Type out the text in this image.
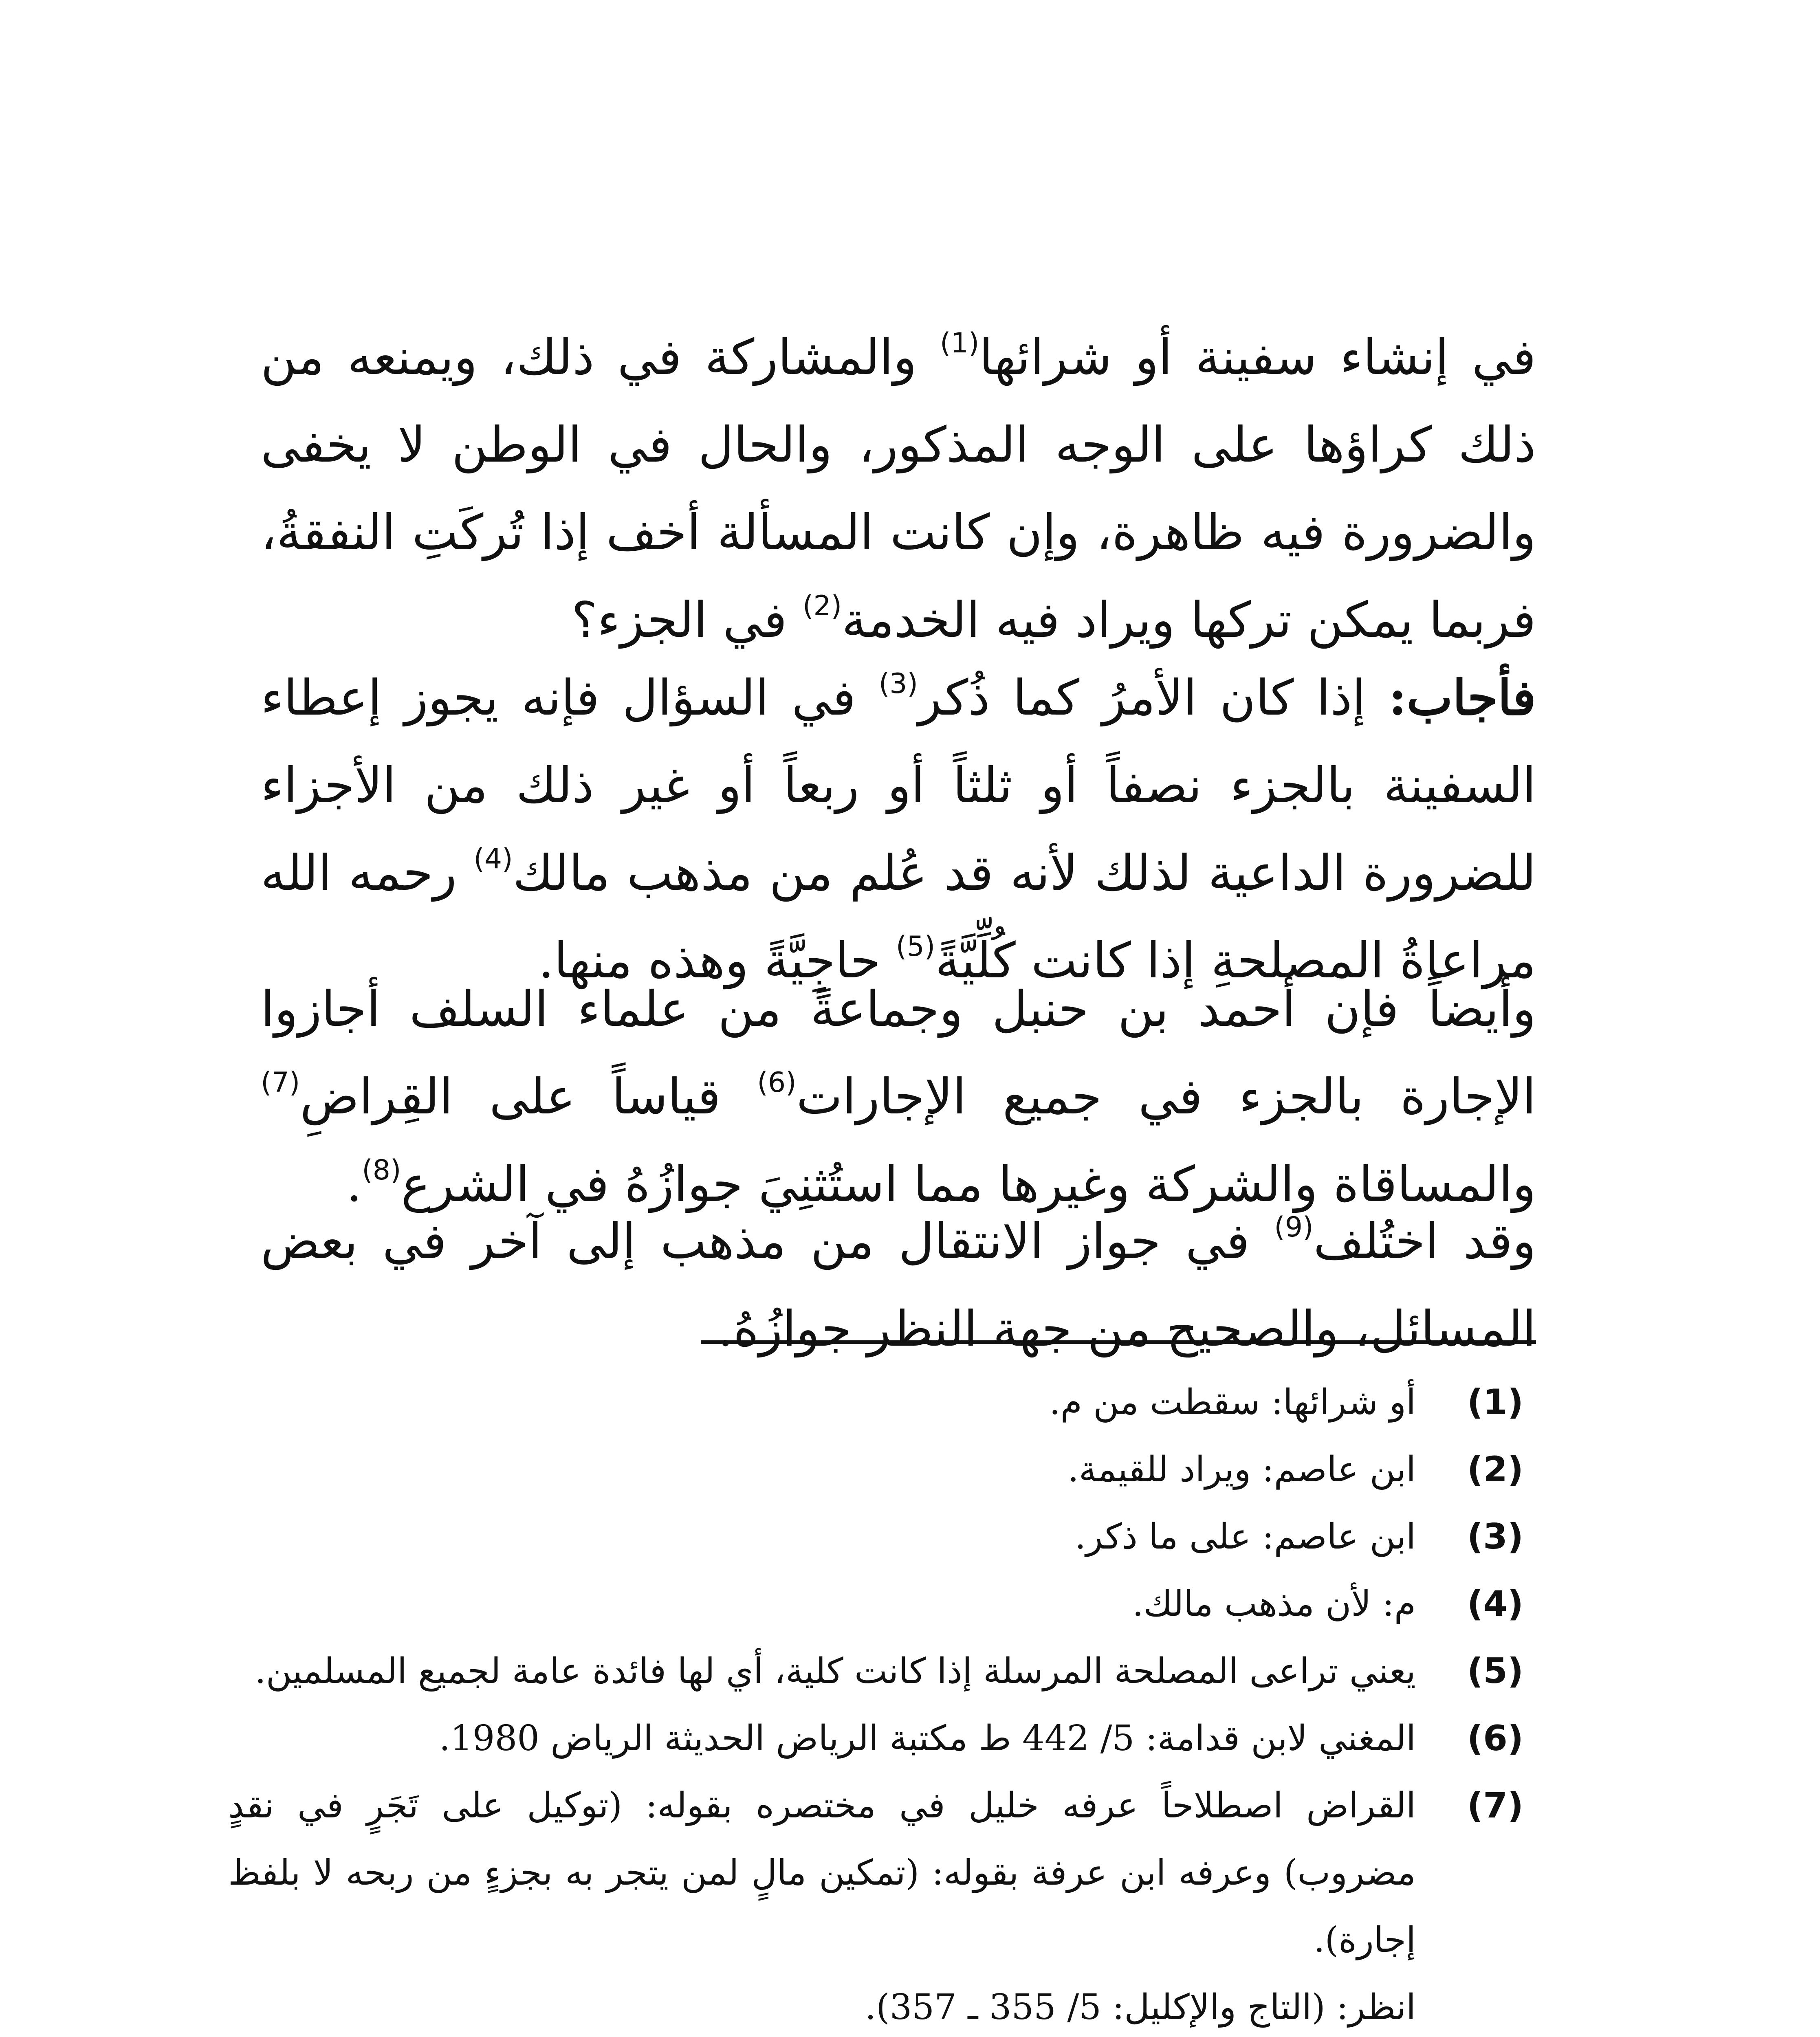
في إنشاء سفينة أو شرائها$^{(1)}$ والمشاركة في ذلك، ويمنعه من ذلك كراؤها على الوجه المذكور، والحال في الوطن لا يخفى والضرورة فيه ظاهرة، وإن كانت المسألة أخف إذا تُركَتِ النفقةُ، فربما يمكن تركها ويراد فيه الخدمة$^{(2)}$ في الجزء؟

فأجاب: إذا كان الأمرُ كما ذُكر$^{(3)}$ في السؤال فإنه يجوز إعطاء السفينة بالجزء نصفاً أو ثلثاً أو ربعاً أو غير ذلك من الأجزاء للضرورة الداعية لذلك لأنه قد عُلم من مذهب مالك$^{(4)}$ رحمه الله مراعاةُ المصلحةِ إذا كانت كُلِّيَّةً$^{(5)}$ حاجِيَّةً وهذه منها.

وأيضاً فإن أحمد بن حنبل وجماعةً من علماء السلف أجازوا الإجارة بالجزء في جميع الإجارات$^{(6)}$ قياساً على القِراضِ$^{(7)}$ والمساقاة والشركة وغيرها مما استُثنِيَ جوازُهُ في الشرع$^{(8)}$.

وقد اختُلف$^{(9)}$ في جواز الانتقال من مذهب إلى آخر في بعض المسائل، والصحيح من جهة النظر جوازُهُ.

(1)
أو شرائها: سقطت من م.
(2)
ابن عاصم: ويراد للقيمة.
(3)
ابن عاصم: على ما ذكر.
(4)
م: لأن مذهب مالك.
(5)
يعني تراعى المصلحة المرسلة إذا كانت كلية، أي لها فائدة عامة لجميع المسلمين.
(6)
المغني لابن قدامة: 5/ 442 ط مكتبة الرياض الحديثة الرياض 1980.
(7)
القراض اصطلاحاً عرفه خليل في مختصره بقوله: (توكيل على تَجَرٍ في نقدٍ مضروب) وعرفه ابن عرفة بقوله: (تمكين مالٍ لمن يتجر به بجزءٍ من ربحه لا بلفظ إجارة).
انظر: (التاج والإكليل: 5/ 355 ـ 357).
